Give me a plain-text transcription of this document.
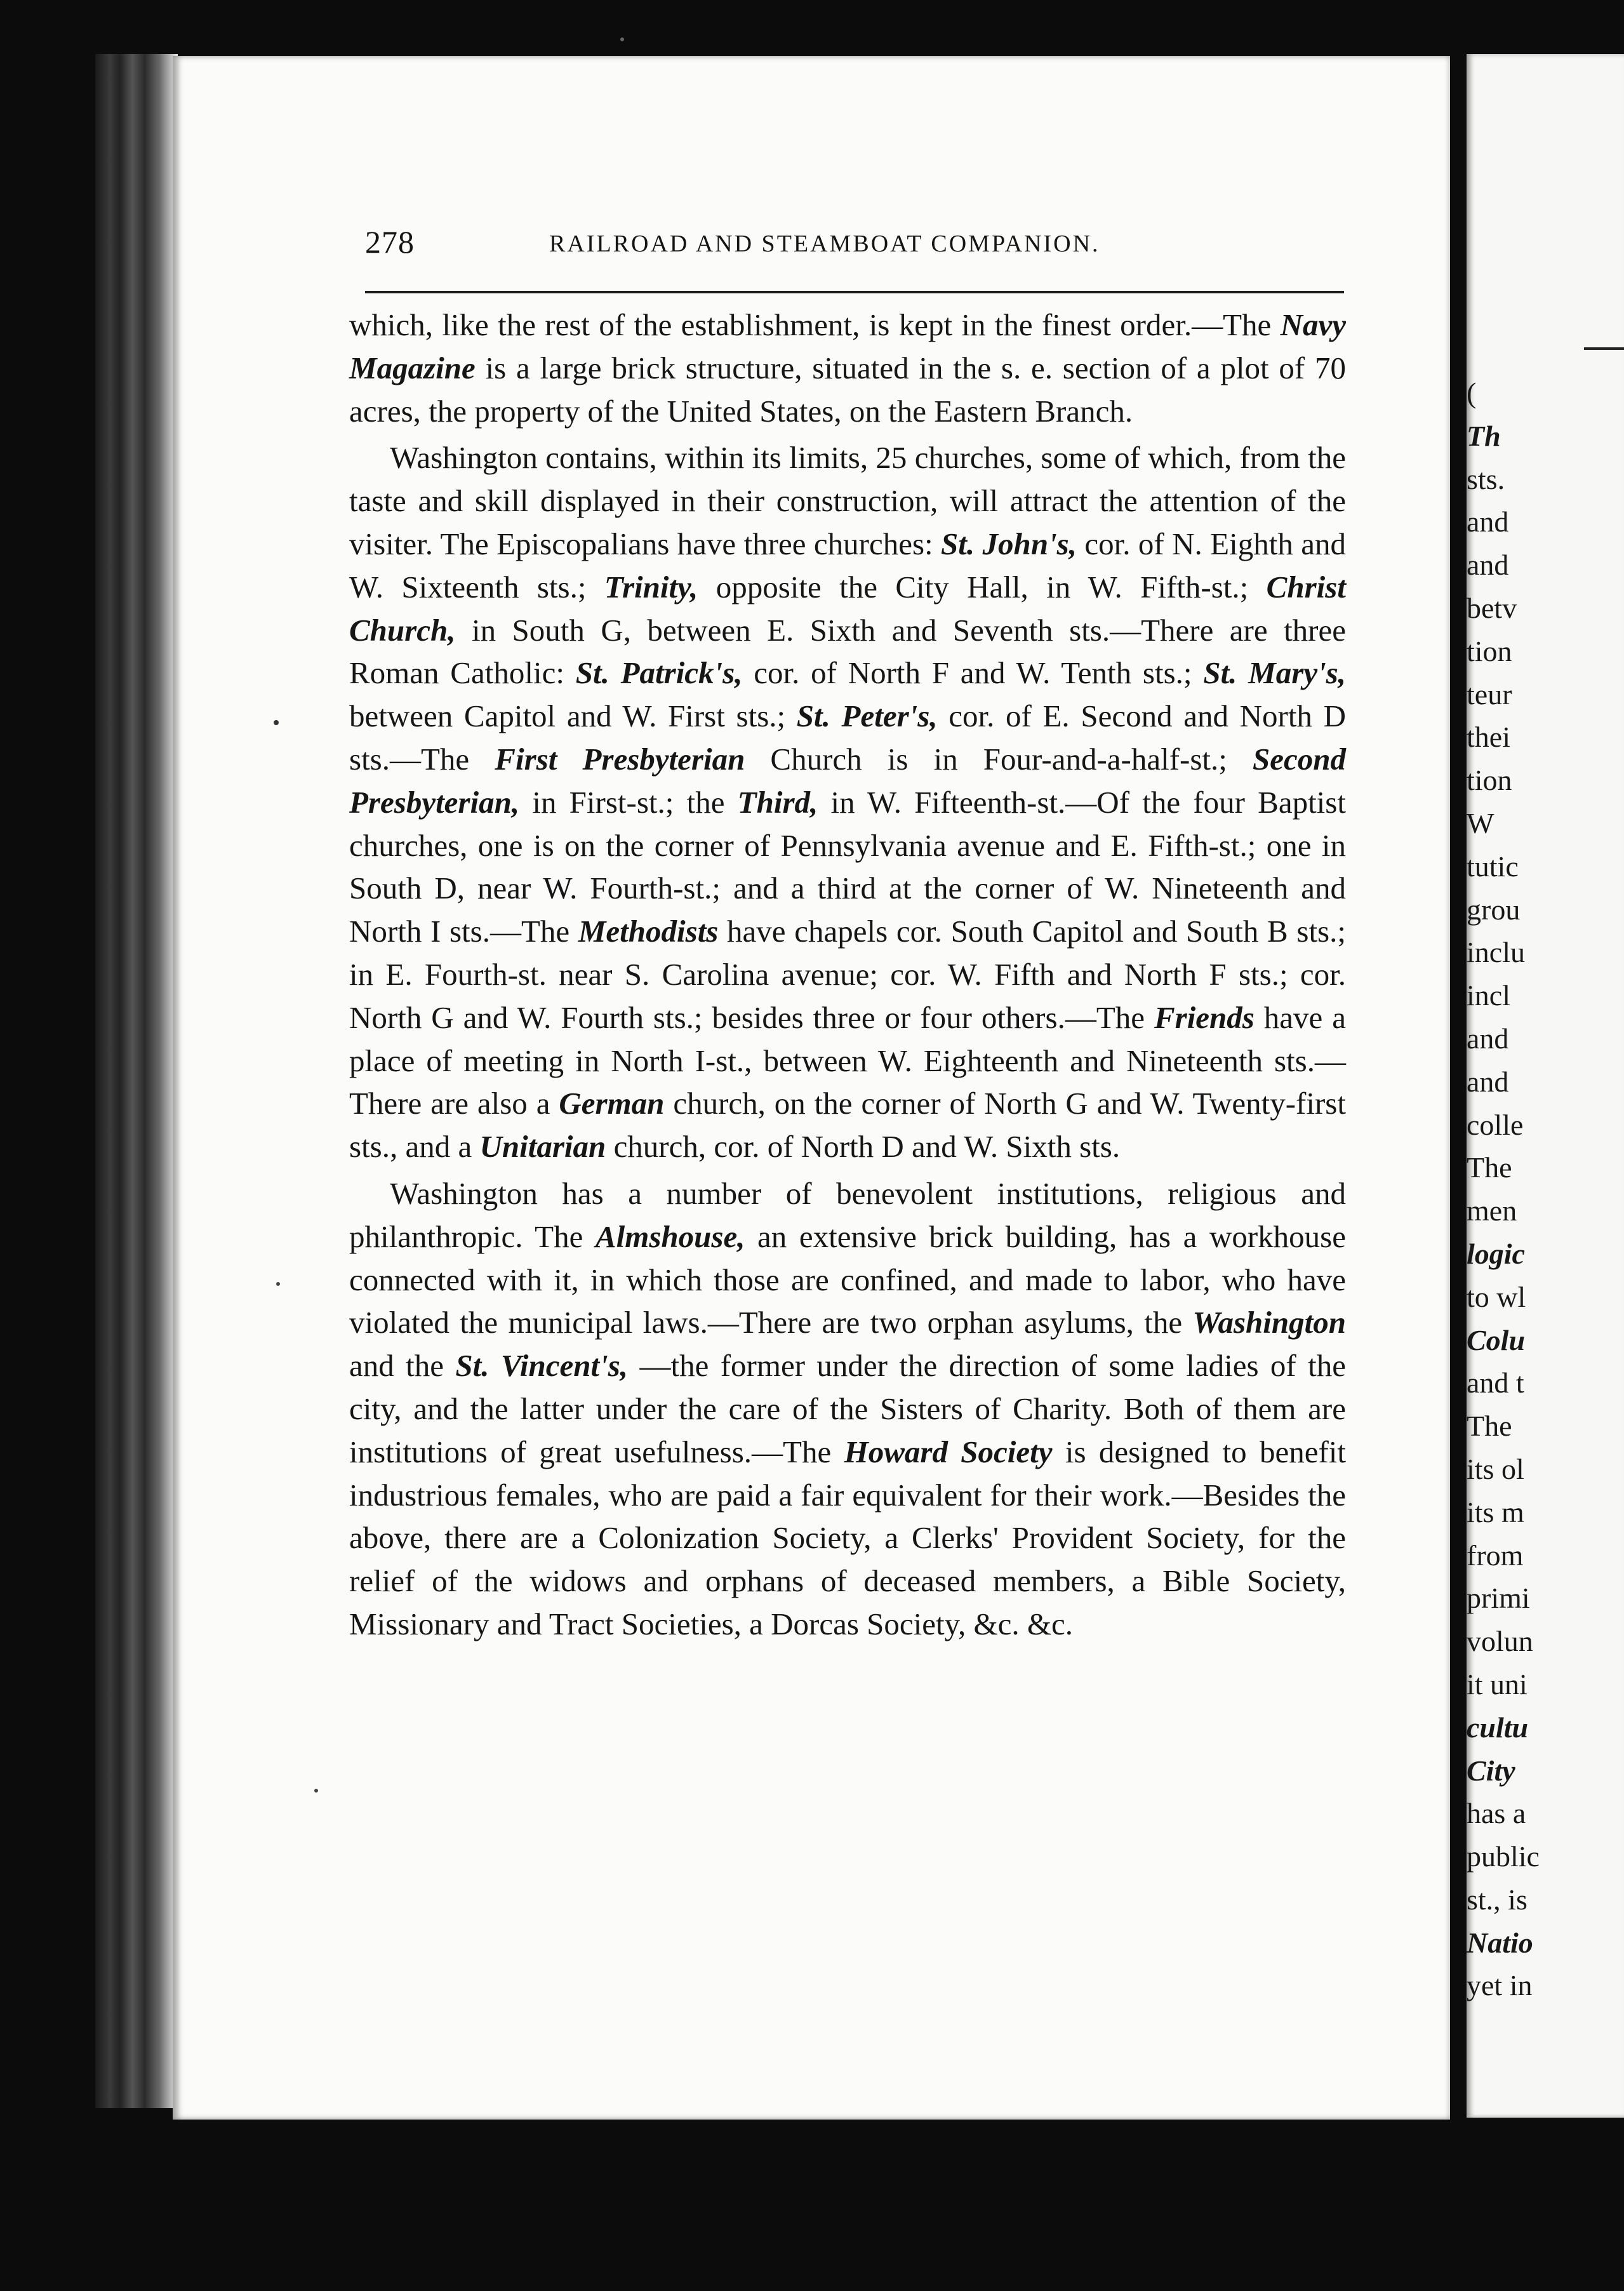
278	RAILROAD AND STEAMBOAT COMPANION.

which, like the rest of the establishment, is kept in the finest order.—The Navy Magazine is a large brick structure, situated in the s. e. section of a plot of 70 acres, the property of the United States, on the Eastern Branch.

Washington contains, within its limits, 25 churches, some of which, from the taste and skill displayed in their construction, will attract the attention of the visiter. The Episcopalians have three churches: St. John's, cor. of N. Eighth and W. Sixteenth sts.; Trinity, opposite the City Hall, in W. Fifth-st.; Christ Church, in South G, between E. Sixth and Seventh sts.—There are three Roman Catholic: St. Patrick's, cor. of North F and W. Tenth sts.; St. Mary's, between Capitol and W. First sts.; St. Peter's, cor. of E. Second and North D sts.—The First Presbyterian Church is in Four-and-a-half-st.; Second Presbyterian, in First-st.; the Third, in W. Fifteenth-st.—Of the four Baptist churches, one is on the corner of Pennsylvania avenue and E. Fifth-st.; one in South D, near W. Fourth-st.; and a third at the corner of W. Nineteenth and North I sts.—The Methodists have chapels cor. South Capitol and South B sts.; in E. Fourth-st. near S. Carolina avenue; cor. W. Fifth and North F sts.; cor. North G and W. Fourth sts.; besides three or four others.—The Friends have a place of meeting in North I-st., between W. Eighteenth and Nineteenth sts.—There are also a German church, on the corner of North G and W. Twenty-first sts., and a Unitarian church, cor. of North D and W. Sixth sts.

Washington has a number of benevolent institutions, religious and philanthropic. The Almshouse, an extensive brick building, has a workhouse connected with it, in which those are confined, and made to labor, who have violated the municipal laws.—There are two orphan asylums, the Washington and the St. Vincent's, —the former under the direction of some ladies of the city, and the latter under the care of the Sisters of Charity. Both of them are institutions of great usefulness.—The Howard Society is designed to benefit industrious females, who are paid a fair equivalent for their work.—Besides the above, there are a Colonization Society, a Clerks' Provident Society, for the relief of the widows and orphans of deceased members, a Bible Society, Missionary and Tract Societies, a Dorcas Society, &c. &c.

(
Th
sts.
and
and
betv
tion
teur
thei
tion
W
tutic
grou
inclu
incl
and
and
colle
The
men
logic
to wl
Colu
and t
The
its ol
its m
from
primi
volun
it uni
cultu
City
has a
public
st., is
Natio
yet in
